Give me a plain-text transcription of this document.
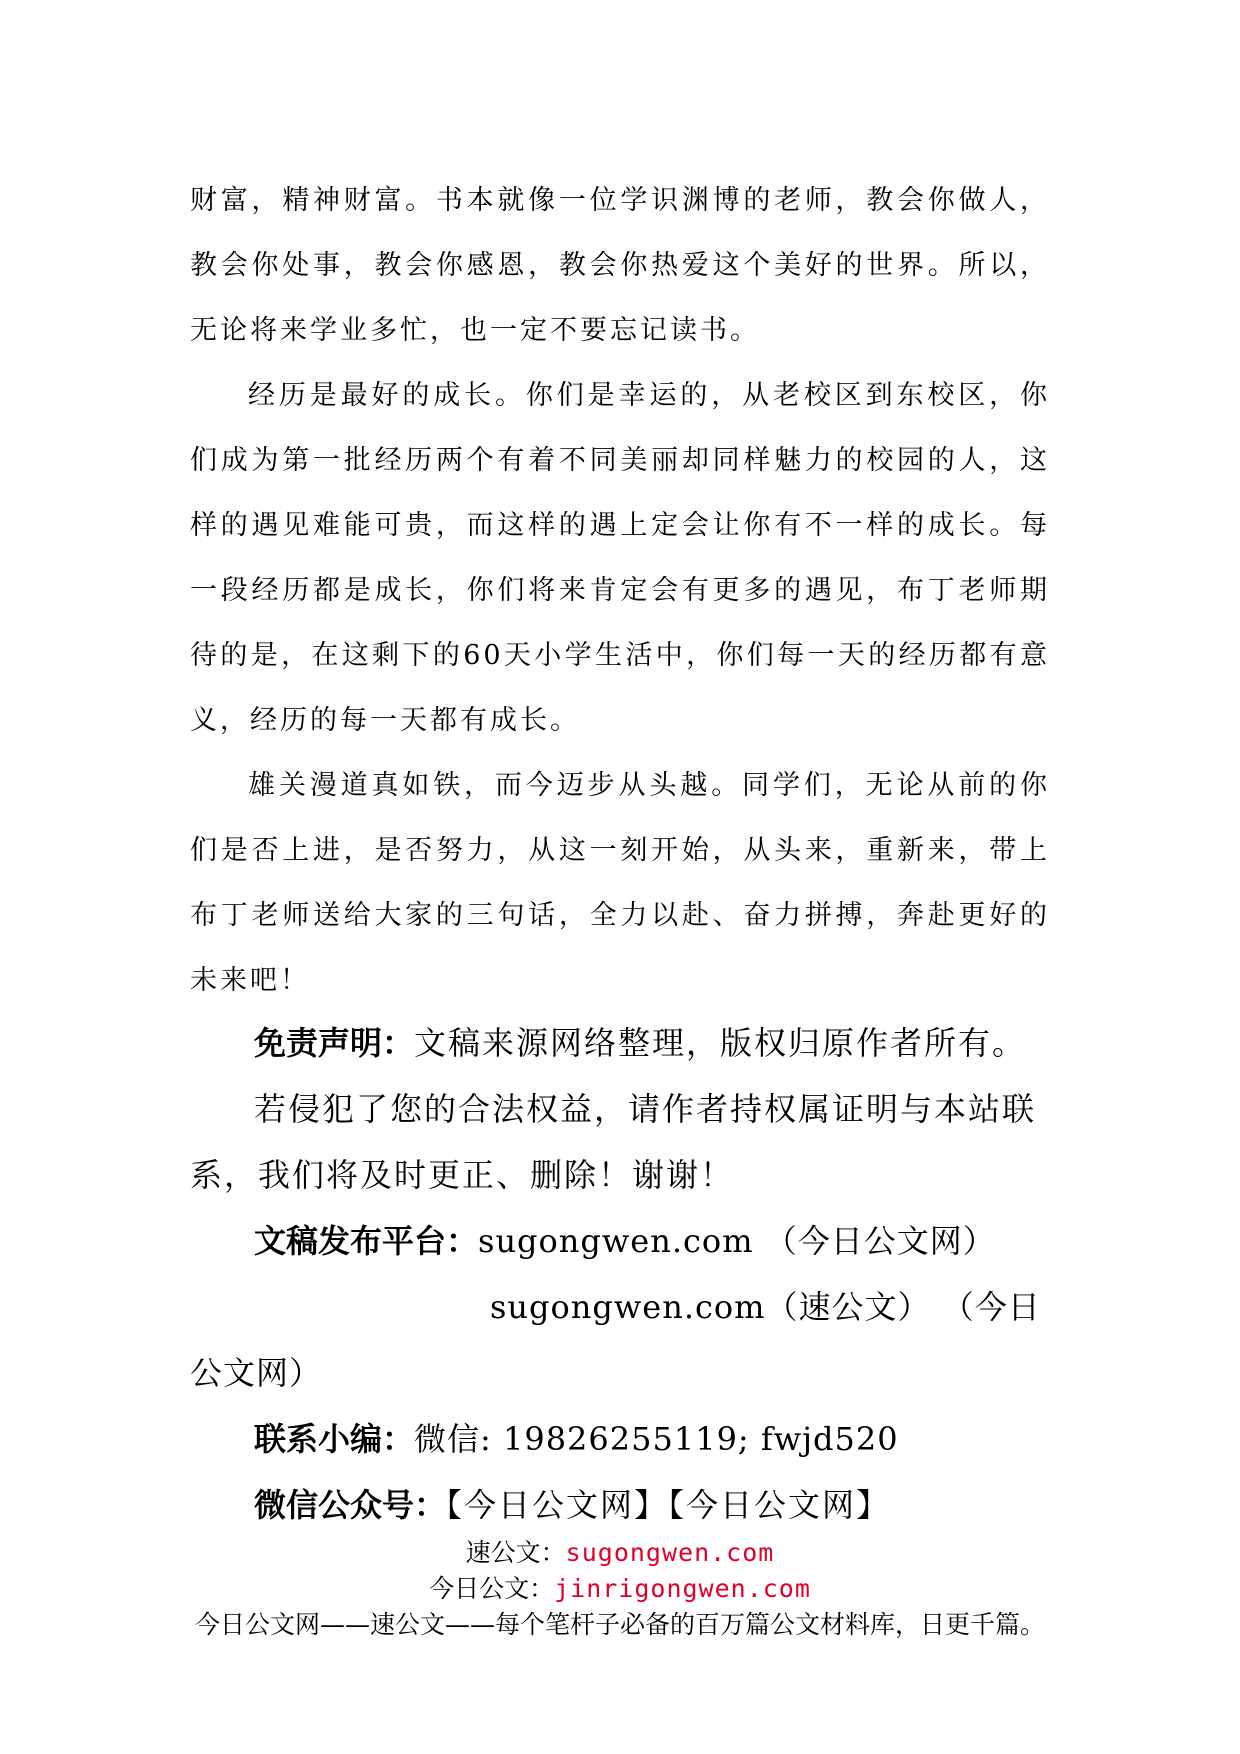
财富，精神财富。书本就像一位学识渊博的老师，教会你做人，教会你处事，教会你感恩，教会你热爱这个美好的世界。所以，无论将来学业多忙，也一定不要忘记读书。

经历是最好的成长。你们是幸运的，从老校区到东校区，你们成为第一批经历两个有着不同美丽却同样魅力的校园的人，这样的遇见难能可贵，而这样的遇上定会让你有不一样的成长。每一段经历都是成长，你们将来肯定会有更多的遇见，布丁老师期待的是，在这剩下的60天小学生活中，你们每一天的经历都有意义，经历的每一天都有成长。

雄关漫道真如铁，而今迈步从头越。同学们，无论从前的你们是否上进，是否努力，从这一刻开始，从头来，重新来，带上布丁老师送给大家的三句话，全力以赴、奋力拼搏，奔赴更好的未来吧！

免责声明：文稿来源网络整理，版权归原作者所有。

若侵犯了您的合法权益，请作者持权属证明与本站联系，我们将及时更正、删除！谢谢！

文稿发布平台：sugongwen.com （今日公文网）

sugongwen.com（速公文） （今日公文网）

联系小编：微信: 19826255119; fwjd520

微信公众号：【今日公文网】【今日公文网】

速公文：sugongwen.com
今日公文：jinrigongwen.com
今日公文网——速公文——每个笔杆子必备的百万篇公文材料库，日更千篇。
